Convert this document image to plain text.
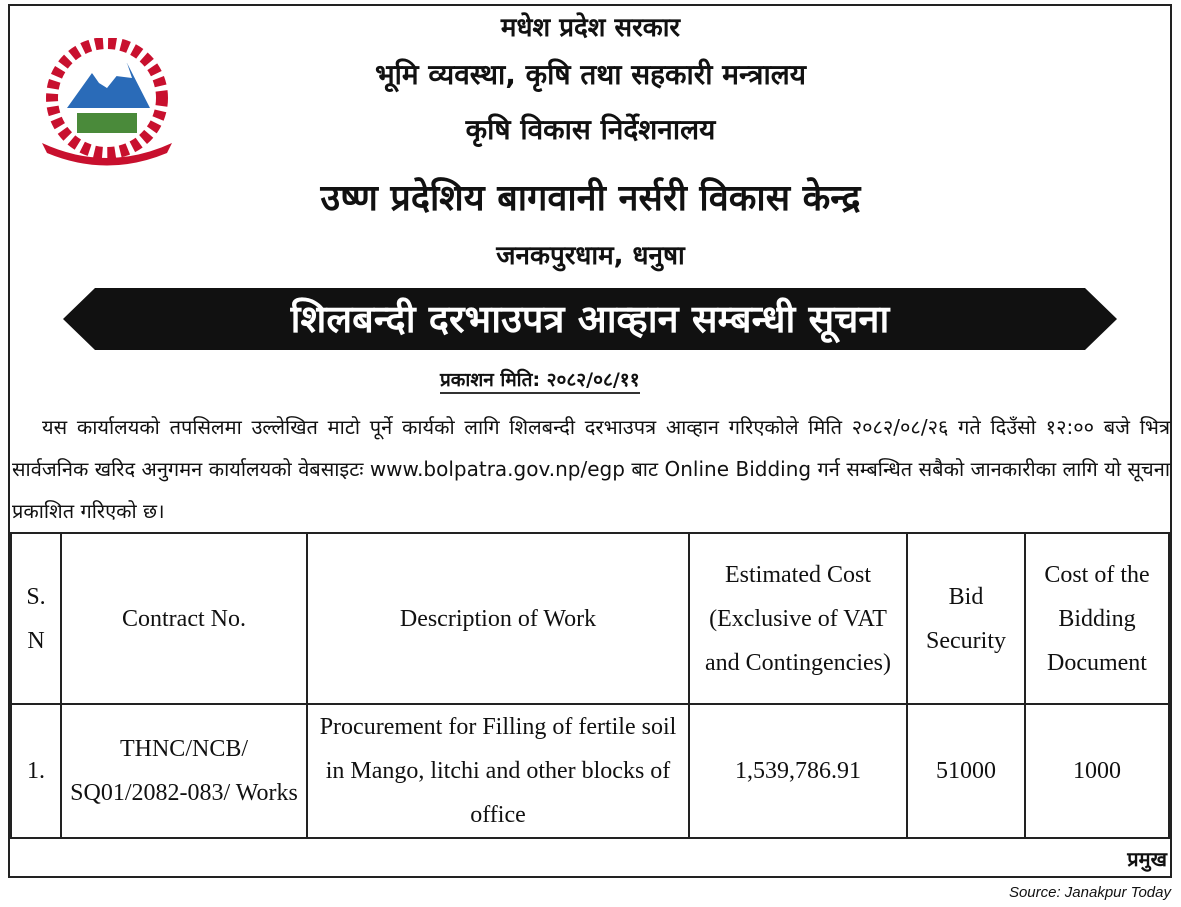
मधेश प्रदेश सरकार
भूमि व्यवस्था, कृषि तथा सहकारी मन्त्रालय
कृषि विकास निर्देशनालय
उष्ण प्रदेशिय बागवानी नर्सरी विकास केन्द्र
जनकपुरधाम, धनुषा
शिलबन्दी दरभाउपत्र आव्हान सम्बन्धी सूचना
प्रकाशन मिति: २०८२/०८/११
यस कार्यालयको तपसिलमा उल्लेखित माटो पूर्ने कार्यको लागि शिलबन्दी दरभाउपत्र आव्हान गरिएकोले मिति २०८२/०८/२६ गते दिउँसो १२:०० बजे भित्र सार्वजनिक खरिद अनुगमन कार्यालयको वेबसाइटः www.bolpatra.gov.np/egp बाट Online Bidding गर्न सम्बन्धित सबैको जानकारीका लागि यो सूचना प्रकाशित गरिएको छ।
S. N	Contract No.	Description of Work	Estimated Cost (Exclusive of VAT and Contingencies)	Bid Security	Cost of the Bidding Document
1.	THNC/NCB/ SQ01/2082-083/ Works	Procurement for Filling of fertile soil in Mango, litchi and other blocks of office	1,539,786.91	51000	1000
प्रमुख
Source: Janakpur Today
